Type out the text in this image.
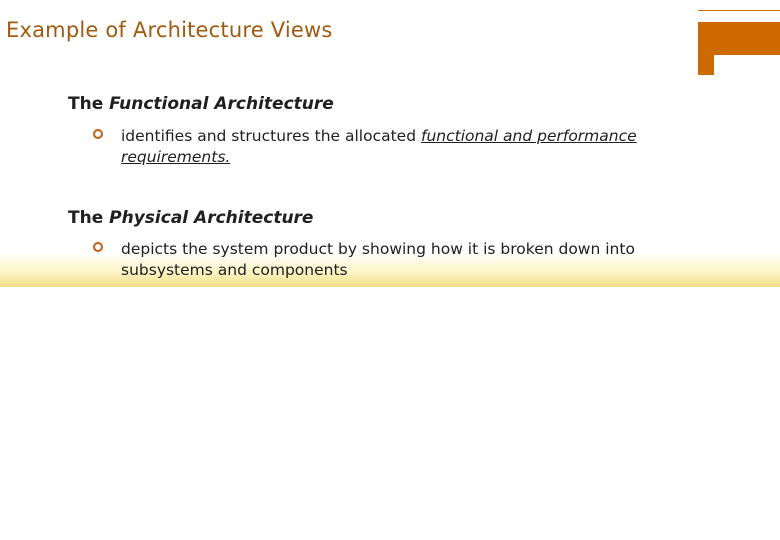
Example of Architecture Views
The Functional Architecture
identifies and structures the allocated functional and performance requirements.
The Physical Architecture
depicts the system product by showing how it is broken down into subsystems and components
